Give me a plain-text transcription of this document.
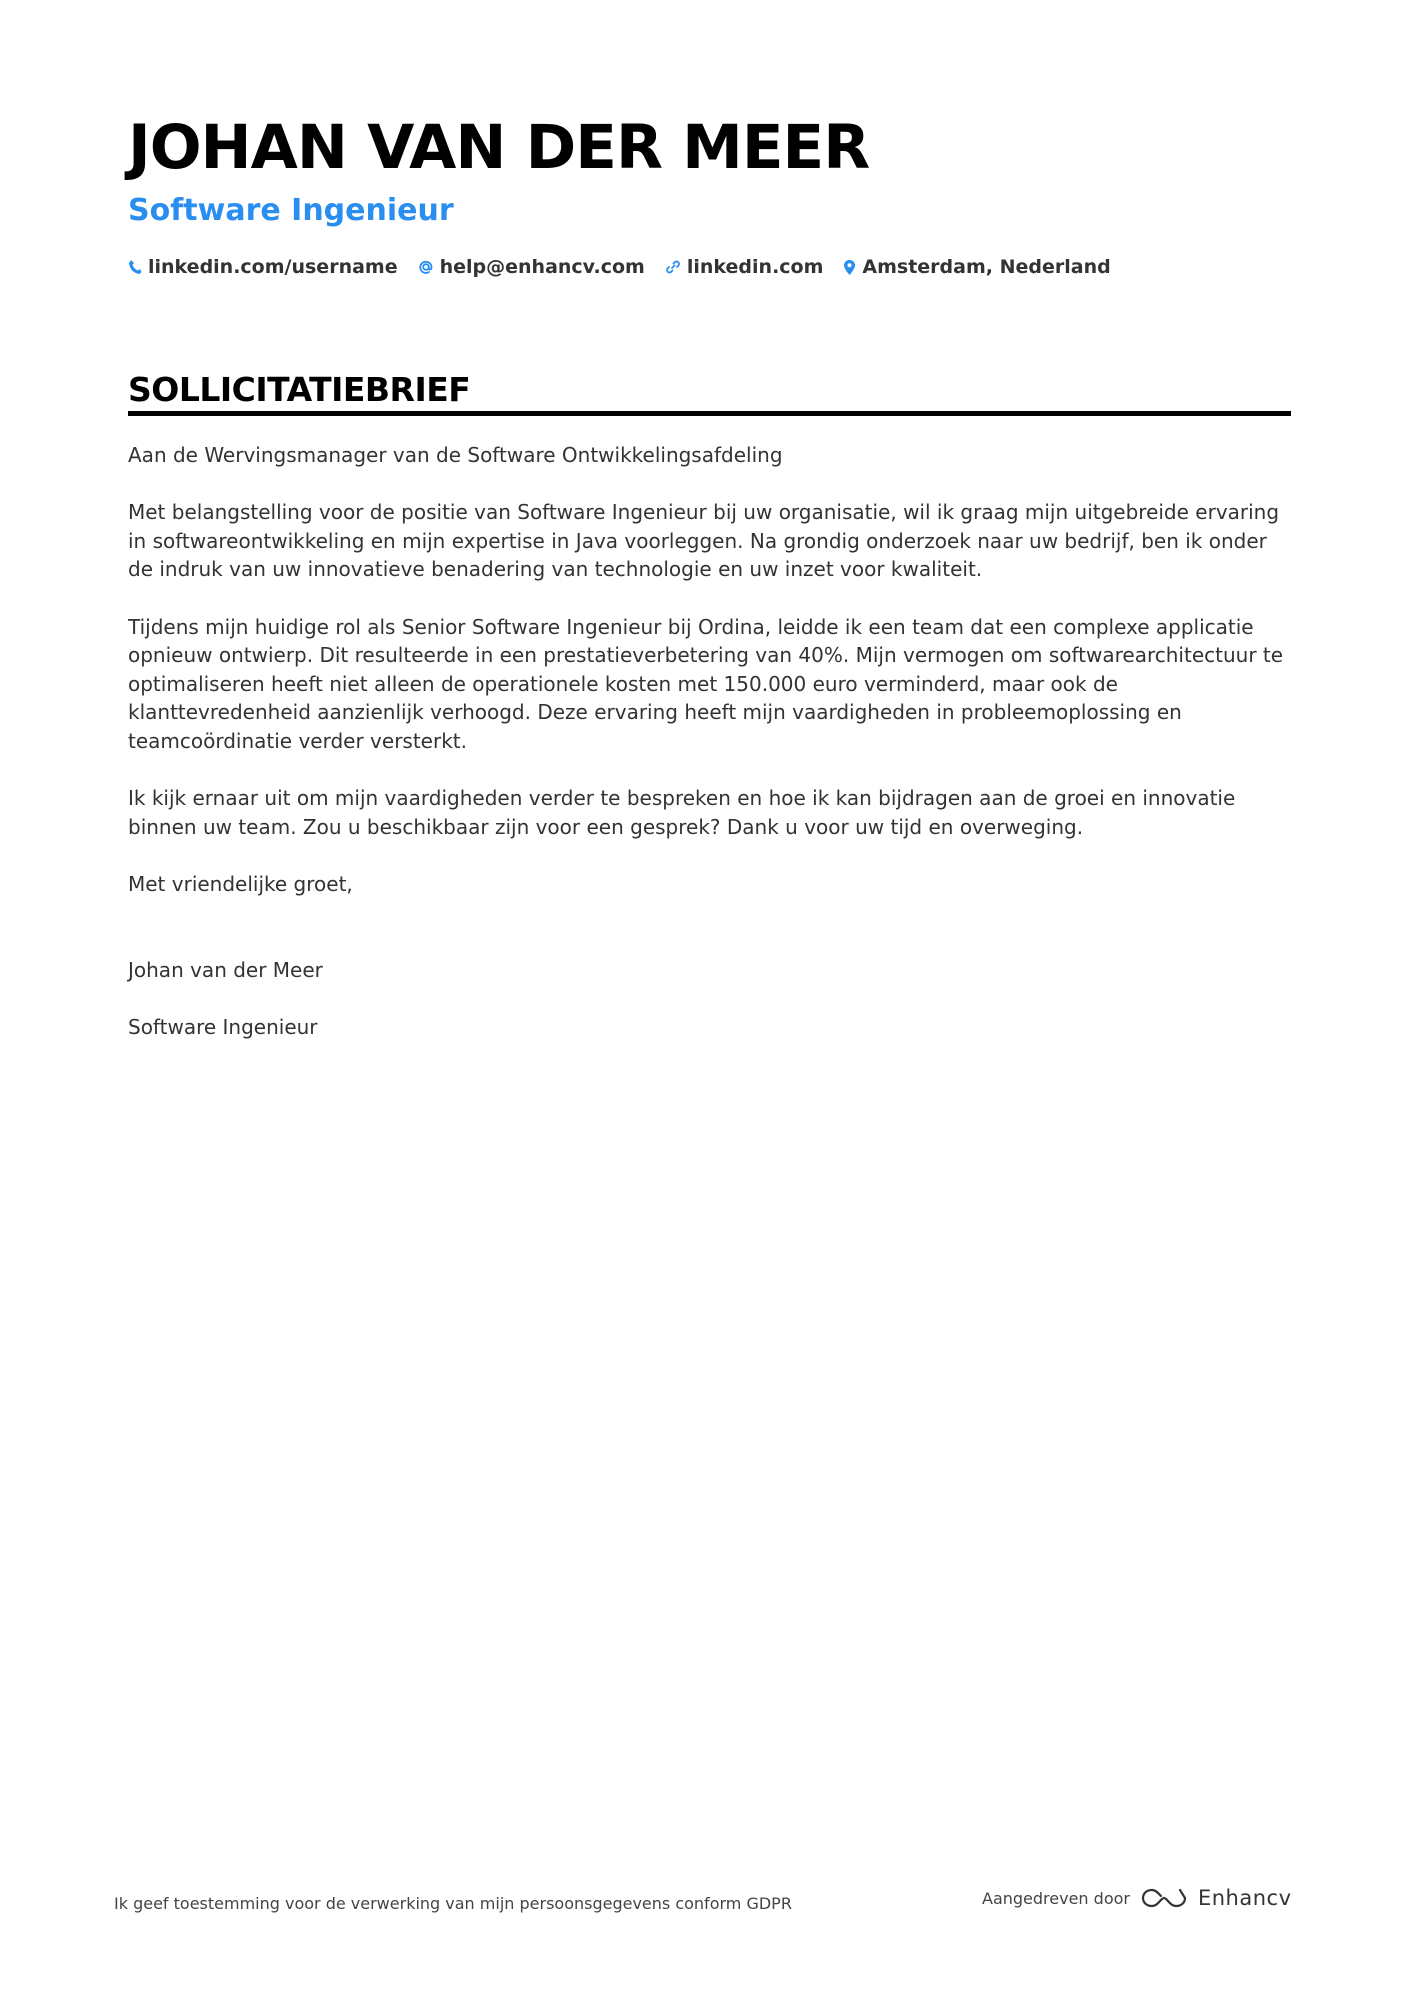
JOHAN VAN DER MEER
Software Ingenieur
linkedin.com/username help@enhancv.com linkedin.com Amsterdam, Nederland
SOLLICITATIEBRIEF

Aan de Wervingsmanager van de Software Ontwikkelingsafdeling

Met belangstelling voor de positie van Software Ingenieur bij uw organisatie, wil ik graag mijn uitgebreide ervaring in softwareontwikkeling en mijn expertise in Java voorleggen. Na grondig onderzoek naar uw bedrijf, ben ik onder de indruk van uw innovatieve benadering van technologie en uw inzet voor kwaliteit.

Tijdens mijn huidige rol als Senior Software Ingenieur bij Ordina, leidde ik een team dat een complexe applicatie opnieuw ontwierp. Dit resulteerde in een prestatieverbetering van 40%. Mijn vermogen om softwarearchitectuur te optimaliseren heeft niet alleen de operationele kosten met 150.000 euro verminderd, maar ook de klanttevredenheid aanzienlijk verhoogd. Deze ervaring heeft mijn vaardigheden in probleemoplossing en teamcoördinatie verder versterkt.

Ik kijk ernaar uit om mijn vaardigheden verder te bespreken en hoe ik kan bijdragen aan de groei en innovatie binnen uw team. Zou u beschikbaar zijn voor een gesprek? Dank u voor uw tijd en overweging.

Met vriendelijke groet,

Johan van der Meer

Software Ingenieur

Ik geef toestemming voor de verwerking van mijn persoonsgegevens conform GDPR	Aangedreven door	Enhancv
